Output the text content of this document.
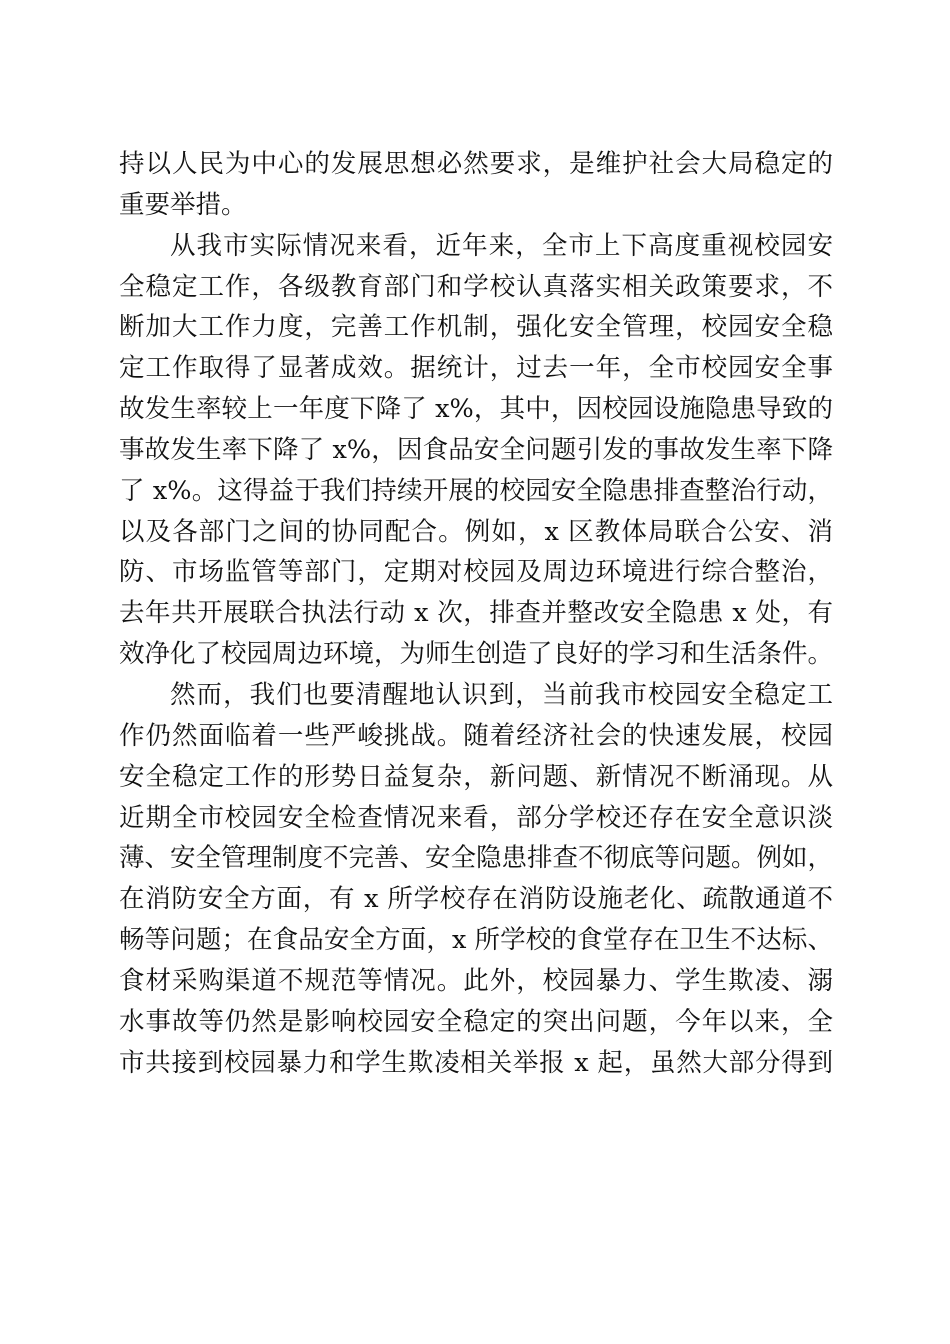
持以人民为中心的发展思想必然要求，是维护社会大局稳定的
重要举措。
从我市实际情况来看，近年来，全市上下高度重视校园安
全稳定工作，各级教育部门和学校认真落实相关政策要求，不
断加大工作力度，完善工作机制，强化安全管理，校园安全稳
定工作取得了显著成效。据统计，过去一年，全市校园安全事
故发生率较上一年度下降了 x%，其中，因校园设施隐患导致的
事故发生率下降了 x%，因食品安全问题引发的事故发生率下降
了 x%。这得益于我们持续开展的校园安全隐患排查整治行动，
以及各部门之间的协同配合。例如，x 区教体局联合公安、消
防、市场监管等部门，定期对校园及周边环境进行综合整治，
去年共开展联合执法行动 x 次，排查并整改安全隐患 x 处，有
效净化了校园周边环境，为师生创造了良好的学习和生活条件。
然而，我们也要清醒地认识到，当前我市校园安全稳定工
作仍然面临着一些严峻挑战。随着经济社会的快速发展，校园
安全稳定工作的形势日益复杂，新问题、新情况不断涌现。从
近期全市校园安全检查情况来看，部分学校还存在安全意识淡
薄、安全管理制度不完善、安全隐患排查不彻底等问题。例如，
在消防安全方面，有 x 所学校存在消防设施老化、疏散通道不
畅等问题；在食品安全方面，x 所学校的食堂存在卫生不达标、
食材采购渠道不规范等情况。此外，校园暴力、学生欺凌、溺
水事故等仍然是影响校园安全稳定的突出问题，今年以来，全
市共接到校园暴力和学生欺凌相关举报 x 起，虽然大部分得到
